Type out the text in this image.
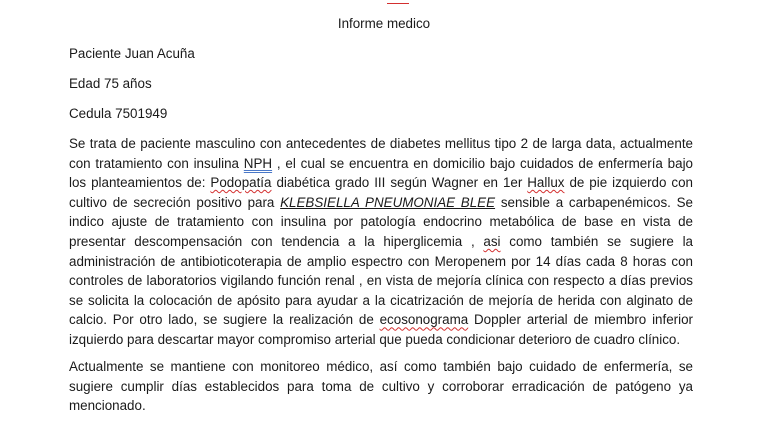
Informe medico
Paciente Juan Acuña
Edad 75 años
Cedula 7501949

Se trata de paciente masculino con antecedentes de diabetes mellitus tipo 2 de larga data, actualmente con tratamiento con insulina NPH , el cual se encuentra en domicilio bajo cuidados de enfermería bajo los planteamientos de: Podopatía diabética grado III según Wagner en 1er Hallux de pie izquierdo con cultivo de secreción positivo para KLEBSIELLA PNEUMONIAE BLEE sensible a carbapenémicos. Se indico ajuste de tratamiento con insulina por patología endocrino metabólica de base en vista de presentar descompensación con tendencia a la hiperglicemia , asi como también se sugiere la administración de antibioticoterapia de amplio espectro con Meropenem por 14 días cada 8 horas con controles de laboratorios vigilando función renal , en vista de mejoría clínica con respecto a días previos se solicita la colocación de apósito para ayudar a la cicatrización de mejoría de herida con alginato de calcio. Por otro lado, se sugiere la realización de ecosonograma Doppler arterial de miembro inferior izquierdo para descartar mayor compromiso arterial que pueda condicionar deterioro de cuadro clínico.

Actualmente se mantiene con monitoreo médico, así como también bajo cuidado de enfermería, se sugiere cumplir días establecidos para toma de cultivo y corroborar erradicación de patógeno ya mencionado.
